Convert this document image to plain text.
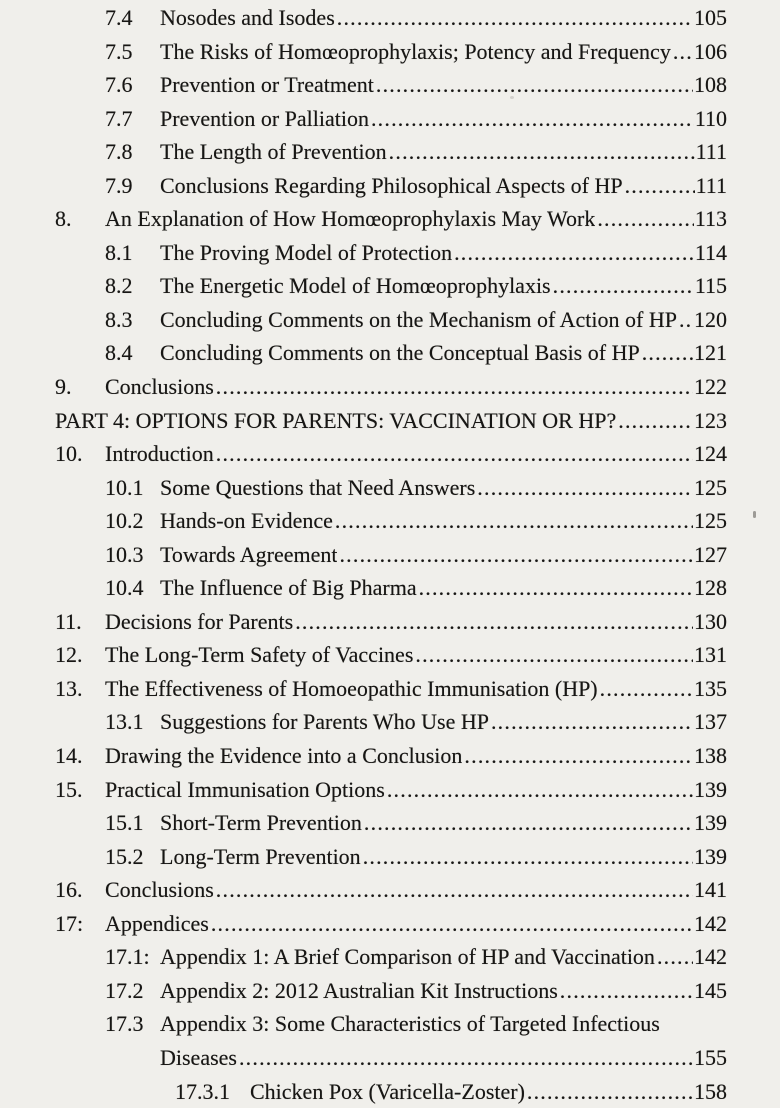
7.4	Nosodes and Isodes .....	105
7.5	The Risks of Homœoprophylaxis; Potency and Frequency ..... 106
7.6	Prevention or Treatment .....	108
7.7	Prevention or Palliation .....	110
7.8	The Length of Prevention .....	111
7.9	Conclusions Regarding Philosophical Aspects of HP .....	111
8.	An Explanation of How Homœoprophylaxis May Work .....	113
8.1	The Proving Model of Protection .....	114
8.2	The Energetic Model of Homœoprophylaxis .....	115
8.3	Concluding Comments on the Mechanism of Action of HP ..... 120
8.4	Concluding Comments on the Conceptual Basis of HP ..... 121
9.	Conclusions .....	122
PART 4: OPTIONS FOR PARENTS: VACCINATION OR HP? .....	123
10.	Introduction .....	124
10.1 Some Questions that Need Answers .....	125
10.2 Hands-on Evidence .....	125
10.3 Towards Agreement .....	127
10.4 The Influence of Big Pharma .....	128
11.	Decisions for Parents .....	130
12.	The Long-Term Safety of Vaccines .....	131
13.	The Effectiveness of Homoeopathic Immunisation (HP) .....	135
13.1 Suggestions for Parents Who Use HP .....	137
14.	Drawing the Evidence into a Conclusion .....	138
15.	Practical Immunisation Options .....	139
15.1 Short-Term Prevention .....	139
15.2 Long-Term Prevention .....	139
16.	Conclusions .....	141
17: Appendices .....	142
17.1: Appendix 1: A Brief Comparison of HP and Vaccination ..... 142
17.2 Appendix 2: 2012 Australian Kit Instructions .....	145
17.3 Appendix 3: Some Characteristics of Targeted Infectious
Diseases .....	155
17.3.1 Chicken Pox (Varicella-Zoster) .....	158
